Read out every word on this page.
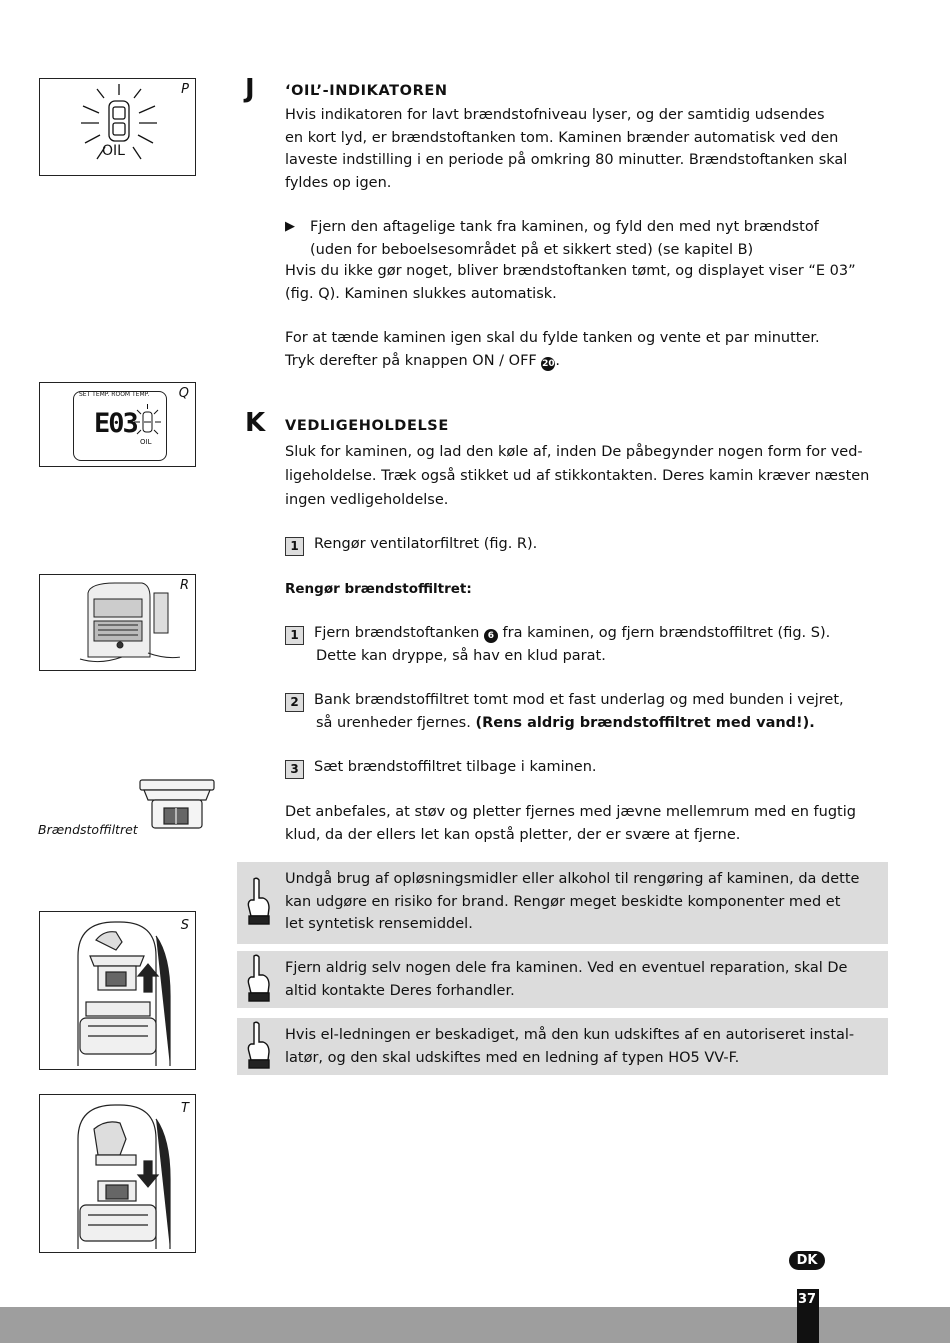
P
OIL
Q
SET TEMP. ROOM TEMP.
E03
OIL
R
Brændstoffiltret
S
T
J ‘OIL’-INDIKATOREN
Hvis indikatoren for lavt brændstofniveau lyser, og der samtidig udsendes
en kort lyd, er brændstoftanken tom. Kaminen brænder automatisk ved den
laveste indstilling i en periode på omkring 80 minutter. Brændstoftanken skal
fyldes op igen.
▶ Fjern den aftagelige tank fra kaminen, og fyld den med nyt brændstof
(uden for beboelsesområdet på et sikkert sted) (se kapitel B)
Hvis du ikke gør noget, bliver brændstoftanken tømt, og displayet viser “E 03”
(fig. Q). Kaminen slukkes automatisk.
For at tænde kaminen igen skal du fylde tanken og vente et par minutter.
Tryk derefter på knappen ON / OFF 20.
K VEDLIGEHOLDELSE
Sluk for kaminen, og lad den køle af, inden De påbegynder nogen form for ved-
ligeholdelse. Træk også stikket ud af stikkontakten. Deres kamin kræver næsten
ingen vedligeholdelse.
1 Rengør ventilatorfiltret (fig. R).
Rengør brændstoffiltret:
1 Fjern brændstoftanken 6 fra kaminen, og fjern brændstoffiltret (fig. S).
Dette kan dryppe, så hav en klud parat.
2 Bank brændstoffiltret tomt mod et fast underlag og med bunden i vejret,
så urenheder fjernes. (Rens aldrig brændstoffiltret med vand!).
3 Sæt brændstoffiltret tilbage i kaminen.
Det anbefales, at støv og pletter fjernes med jævne mellemrum med en fugtig
klud, da der ellers let kan opstå pletter, der er svære at fjerne.
Undgå brug af opløsningsmidler eller alkohol til rengøring af kaminen, da dette
kan udgøre en risiko for brand. Rengør meget beskidte komponenter med et
let syntetisk rensemiddel.
Fjern aldrig selv nogen dele fra kaminen. Ved en eventuel reparation, skal De
altid kontakte Deres forhandler.
Hvis el-ledningen er beskadiget, må den kun udskiftes af en autoriseret instal-
latør, og den skal udskiftes med en ledning af typen HO5 VV-F.
DK
37
